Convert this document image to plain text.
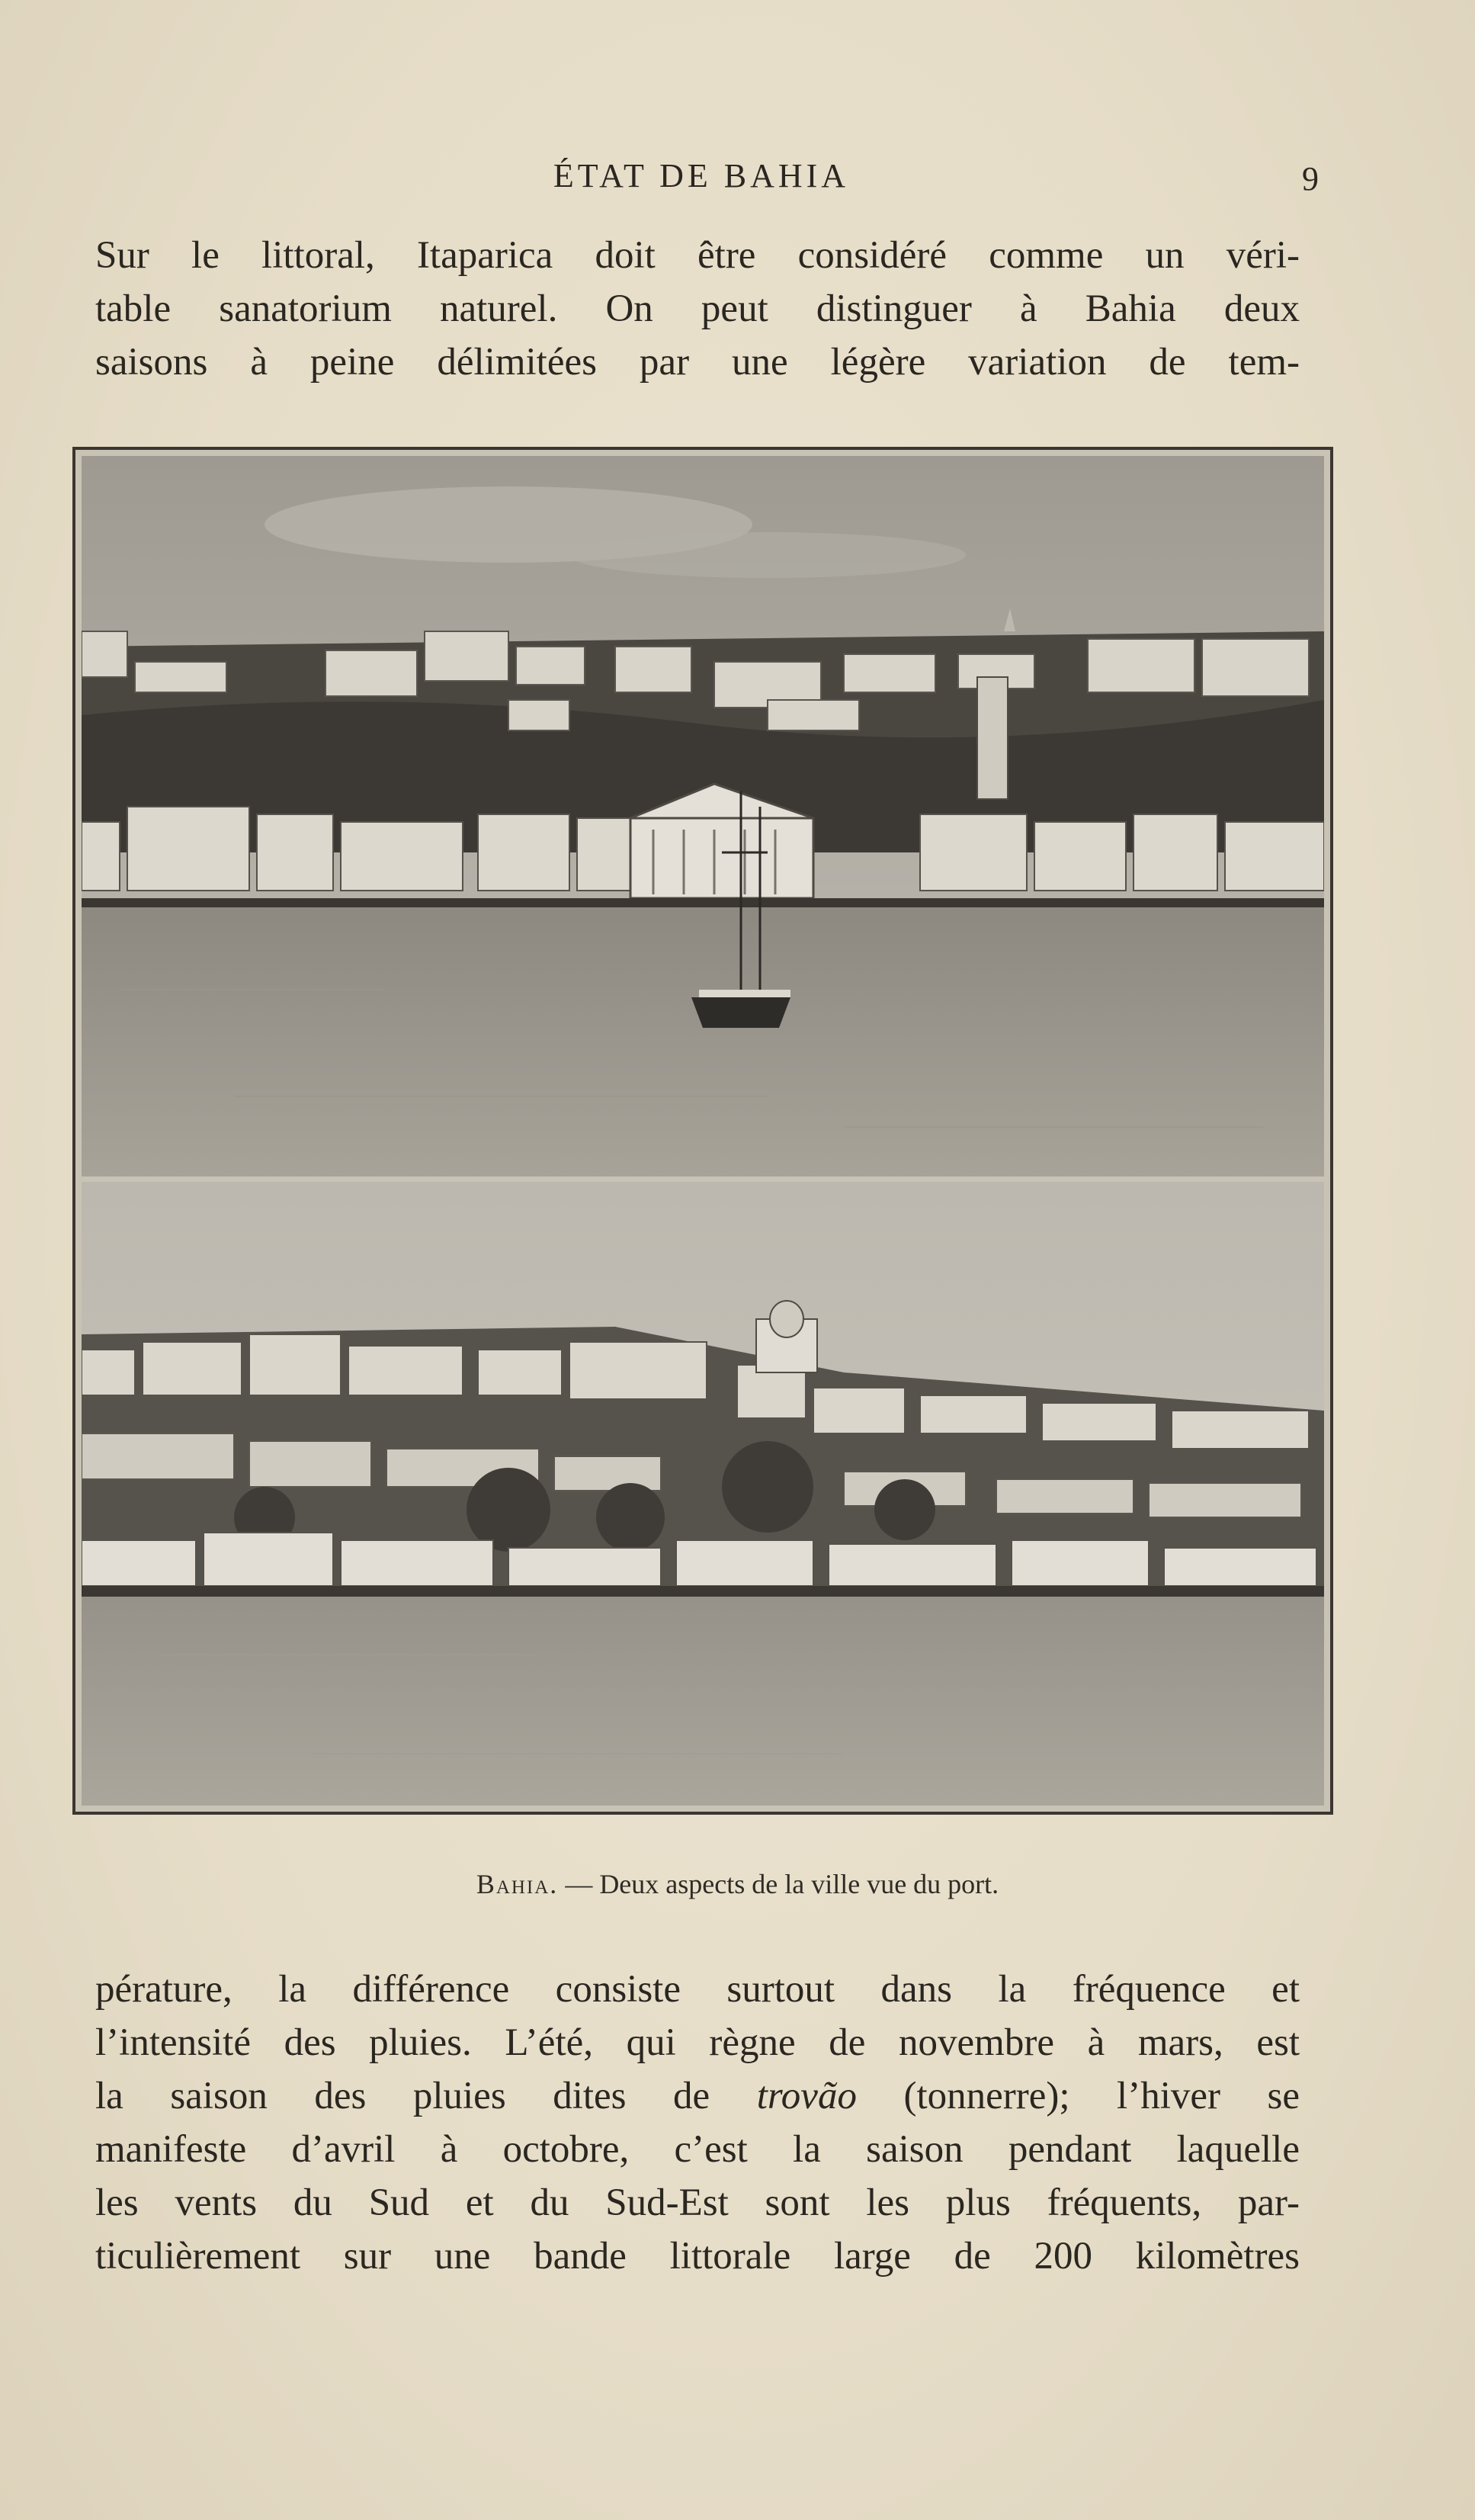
ÉTAT DE BAHIA	9
Sur le littoral, Itaparica doit être considéré comme un véri-
table sanatorium naturel. On peut distinguer à Bahia deux
saisons à peine délimitées par une légère variation de tem-
Bahia. — Deux aspects de la ville vue du port.
pérature, la différence consiste surtout dans la fréquence et
l’intensité des pluies. L’été, qui règne de novembre à mars, est
la saison des pluies dites de trovão (tonnerre); l’hiver se
manifeste d’avril à octobre, c’est la saison pendant laquelle
les vents du Sud et du Sud-Est sont les plus fréquents, par-
ticulièrement sur une bande littorale large de 200 kilomètres
